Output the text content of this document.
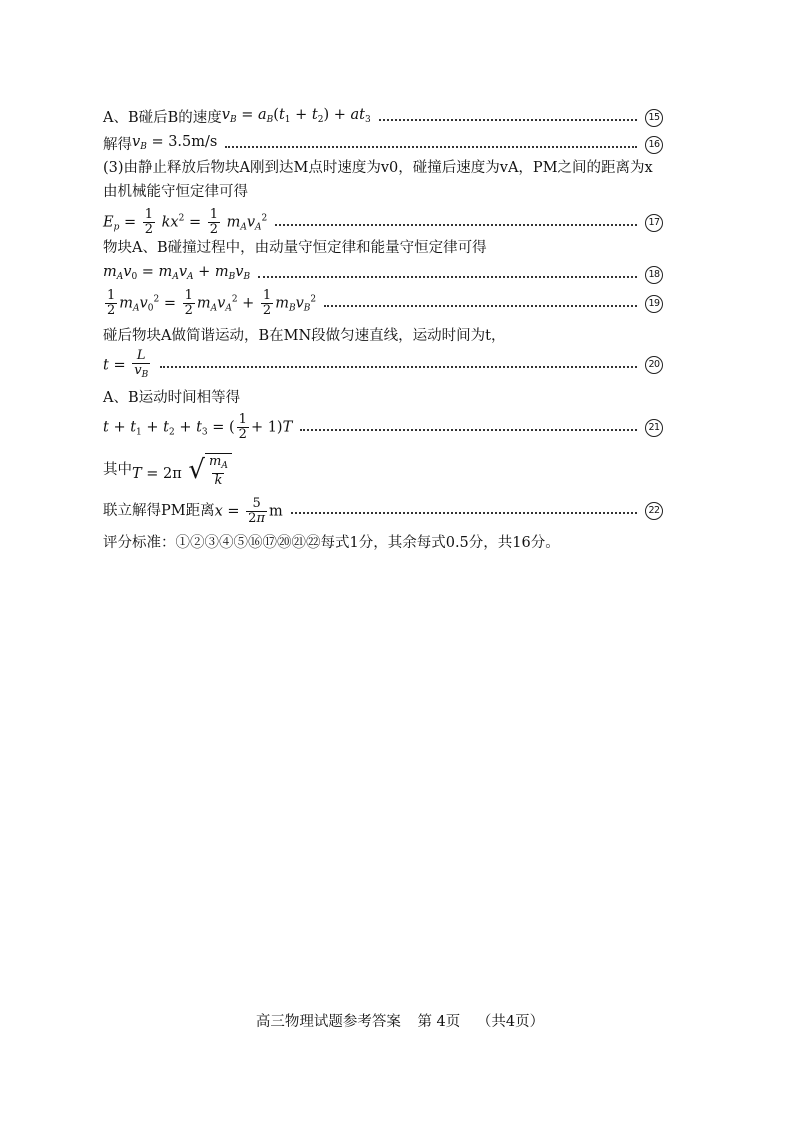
A、B碰后B的速度 $v_B = a_B(t_1 + t_2) + at_3$	15
解得 $v_B = 3.5m/s$	16
(3)由静止释放后物块A刚到达M点时速度为v0，碰撞后速度为vA，PM之间的距离为x
由机械能守恒定律可得
$E_p = \frac{1}{2} kx^2 = \frac{1}{2} m_Av_A^2$	17
物块A、B碰撞过程中，由动量守恒定律和能量守恒定律可得
$m_Av_0 = m_Av_A + m_Bv_B$	18
$\frac{1}{2} m_Av_0^2 = \frac{1}{2} m_Av_A^2 + \frac{1}{2} m_Bv_B^2$	19
碰后物块A做简谐运动，B在MN段做匀速直线，运动时间为t，
$t = \frac{L}{v_B}$	20
A、B运动时间相等得
$t + t_1 + t_2 + t_3$ = ( $\frac{1}{2} + 1)T$	21
其中 T = 2π √ $\frac{m_A}{k}$
联立解得PM距离 $x = \frac{5}{2\pi}$ m	22
评分标准：①②③④⑤⑯⑰⑳㉑㉒每式1分，其余每式0.5分，共16分。
高三物理试题参考答案 第 4页 （共4页）
